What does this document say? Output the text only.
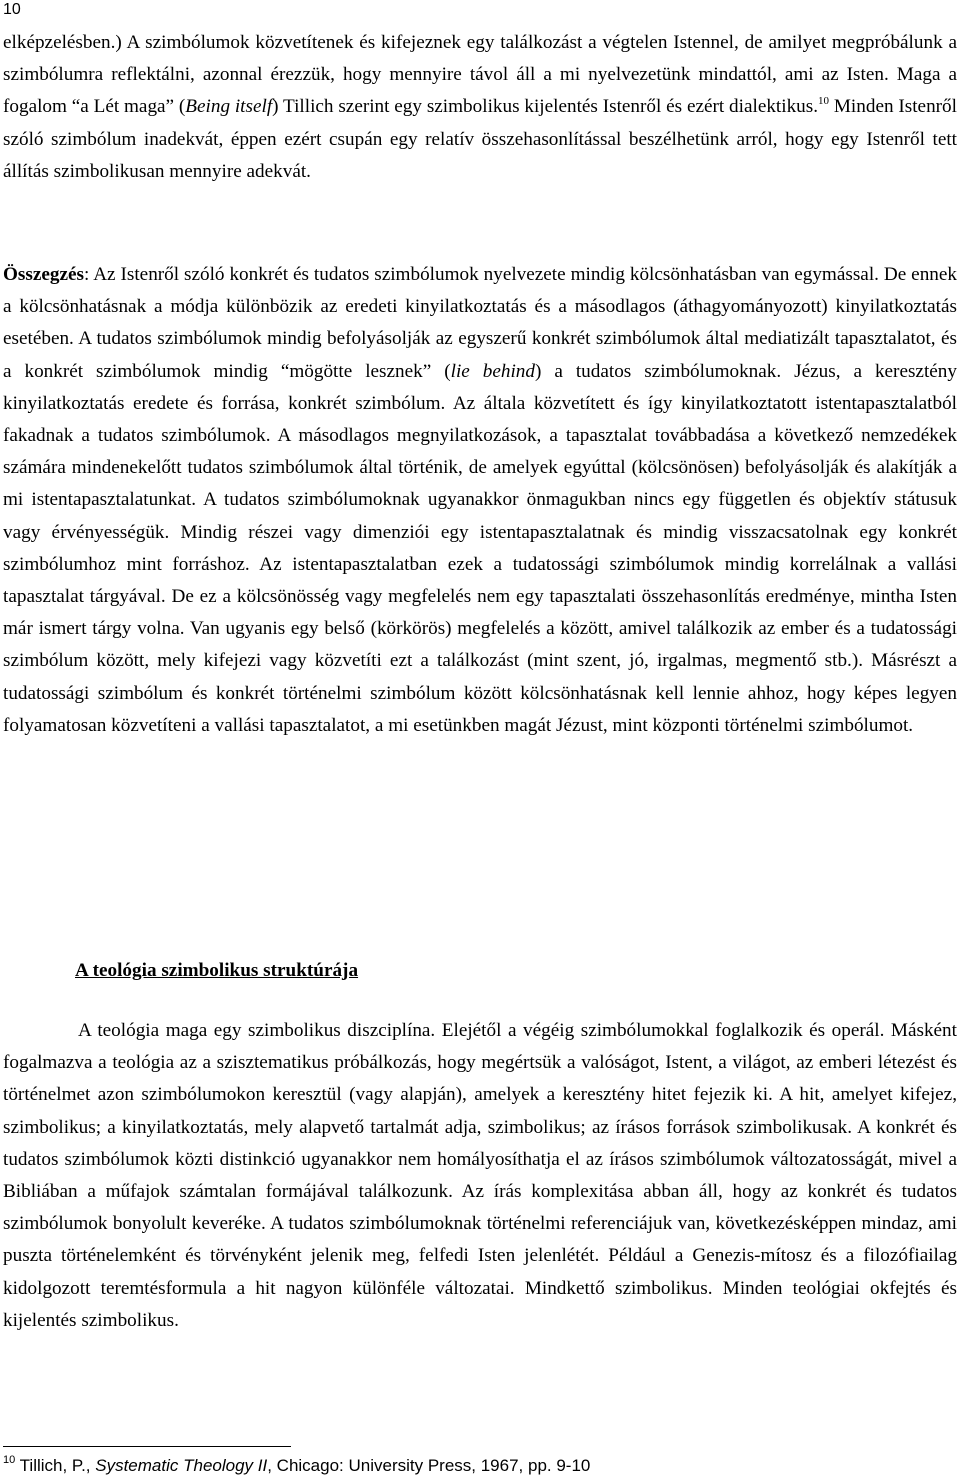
10

elképzelésben.) A szimbólumok közvetítenek és kifejeznek egy találkozást a végtelen Istennel, de amilyet megpróbálunk a szimbólumra reflektálni, azonnal érezzük, hogy mennyire távol áll a mi nyelvezetünk mindattól, ami az Isten. Maga a fogalom “a Lét maga” (Being itself) Tillich szerint egy szimbolikus kijelentés Istenről és ezért dialektikus.$^{10}$ Minden Istenről szóló szimbólum inadekvát, éppen ezért csupán egy relatív összehasonlítással beszélhetünk arról, hogy egy Istenről tett állítás szimbolikusan mennyire adekvát.

Összegzés: Az Istenről szóló konkrét és tudatos szimbólumok nyelvezete mindig kölcsönhatásban van egymással. De ennek a kölcsönhatásnak a módja különbözik az eredeti kinyilatkoztatás és a másodlagos (áthagyományozott) kinyilatkoztatás esetében. A tudatos szimbólumok mindig befolyásolják az egyszerű konkrét szimbólumok által mediatizált tapasztalatot, és a konkrét szimbólumok mindig “mögötte lesznek” (lie behind) a tudatos szimbólumoknak. Jézus, a keresztény kinyilatkoztatás eredete és forrása, konkrét szimbólum. Az általa közvetített és így kinyilatkoztatott istentapasztalatból fakadnak a tudatos szimbólumok. A másodlagos megnyilatkozások, a tapasztalat továbbadása a következő nemzedékek számára mindenekelőtt tudatos szimbólumok által történik, de amelyek egyúttal (kölcsönösen) befolyásolják és alakítják a mi istentapasztalatunkat. A tudatos szimbólumoknak ugyanakkor önmagukban nincs egy független és objektív státusuk vagy érvényességük. Mindig részei vagy dimenziói egy istentapasztalatnak és mindig visszacsatolnak egy konkrét szimbólumhoz mint forráshoz. Az istentapasztalatban ezek a tudatossági szimbólumok mindig korrelálnak a vallási tapasztalat tárgyával. De ez a kölcsönösség vagy megfelelés nem egy tapasztalati összehasonlítás eredménye, mintha Isten már ismert tárgy volna. Van ugyanis egy belső (körkörös) megfelelés a között, amivel találkozik az ember és a tudatossági szimbólum között, mely kifejezi vagy közvetíti ezt a találkozást (mint szent, jó, irgalmas, megmentő stb.). Másrészt a tudatossági szimbólum és konkrét történelmi szimbólum között kölcsönhatásnak kell lennie ahhoz, hogy képes legyen folyamatosan közvetíteni a vallási tapasztalatot, a mi esetünkben magát Jézust, mint központi történelmi szimbólumot.

A teológia szimbolikus struktúrája

A teológia maga egy szimbolikus diszciplína. Elejétől a végéig szimbólumokkal foglalkozik és operál. Másként fogalmazva a teológia az a szisztematikus próbálkozás, hogy megértsük a valóságot, Istent, a világot, az emberi létezést és történelmet azon szimbólumokon keresztül (vagy alapján), amelyek a keresztény hitet fejezik ki. A hit, amelyet kifejez, szimbolikus; a kinyilatkoztatás, mely alapvető tartalmát adja, szimbolikus; az írásos források szimbolikusak. A konkrét és tudatos szimbólumok közti distinkció ugyanakkor nem homályosíthatja el az írásos szimbólumok változatosságát, mivel a Bibliában a műfajok számtalan formájával találkozunk. Az írás komplexitása abban áll, hogy az konkrét és tudatos szimbólumok bonyolult keveréke. A tudatos szimbólumoknak történelmi referenciájuk van, következésképpen mindaz, ami puszta történelemként és törvényként jelenik meg, felfedi Isten jelenlétét. Például a Genezis-mítosz és a filozófiailag kidolgozott teremtésformula a hit nagyon különféle változatai. Mindkettő szimbolikus. Minden teológiai okfejtés és kijelentés szimbolikus.

$^{10}$ Tillich, P., Systematic Theology II, Chicago: University Press, 1967, pp. 9-10
